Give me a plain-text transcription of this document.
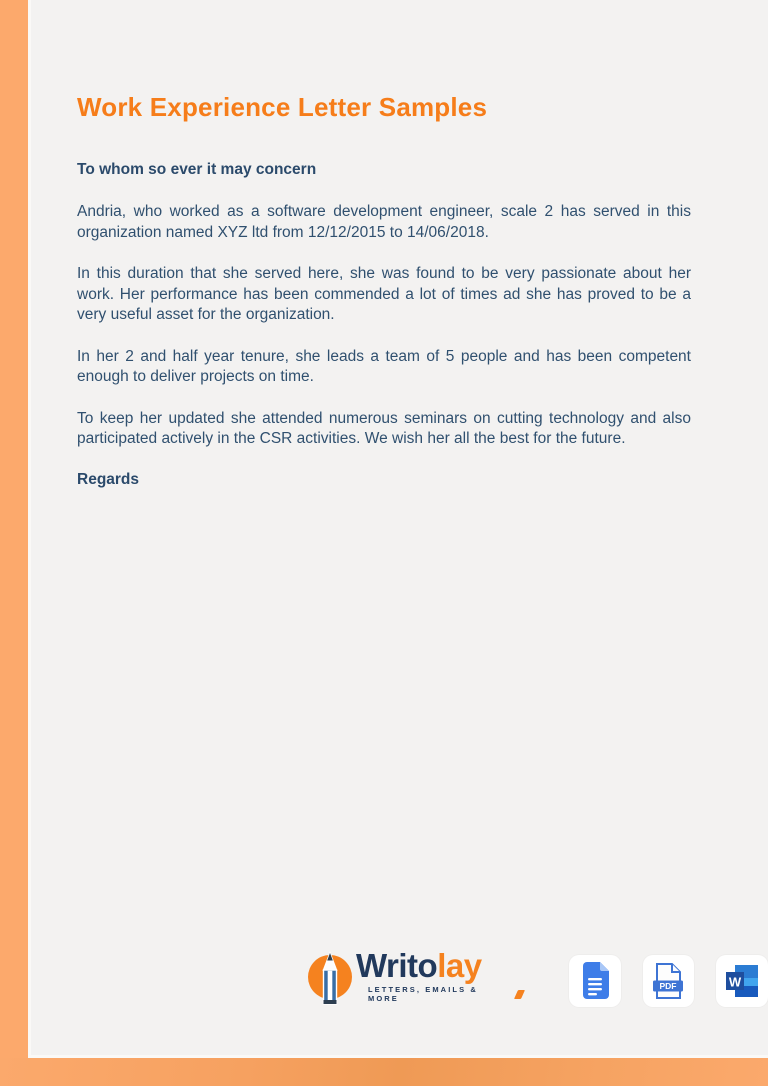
Work Experience Letter Samples
To whom so ever it may concern

Andria, who worked as a software development engineer, scale 2 has served in this organization named XYZ ltd from 12/12/2015 to 14/06/2018.

In this duration that she served here, she was found to be very passionate about her work. Her performance has been commended a lot of times ad she has proved to be a very useful asset for the organization.

In her 2 and half year tenure, she leads a team of 5 people and has been competent enough to deliver projects on time.

To keep her updated she attended numerous seminars on cutting technology and also participated actively in the CSR activities. We wish her all the best for the future.

Regards
Writolay
LETTERS, EMAILS & MORE
PDF	W
